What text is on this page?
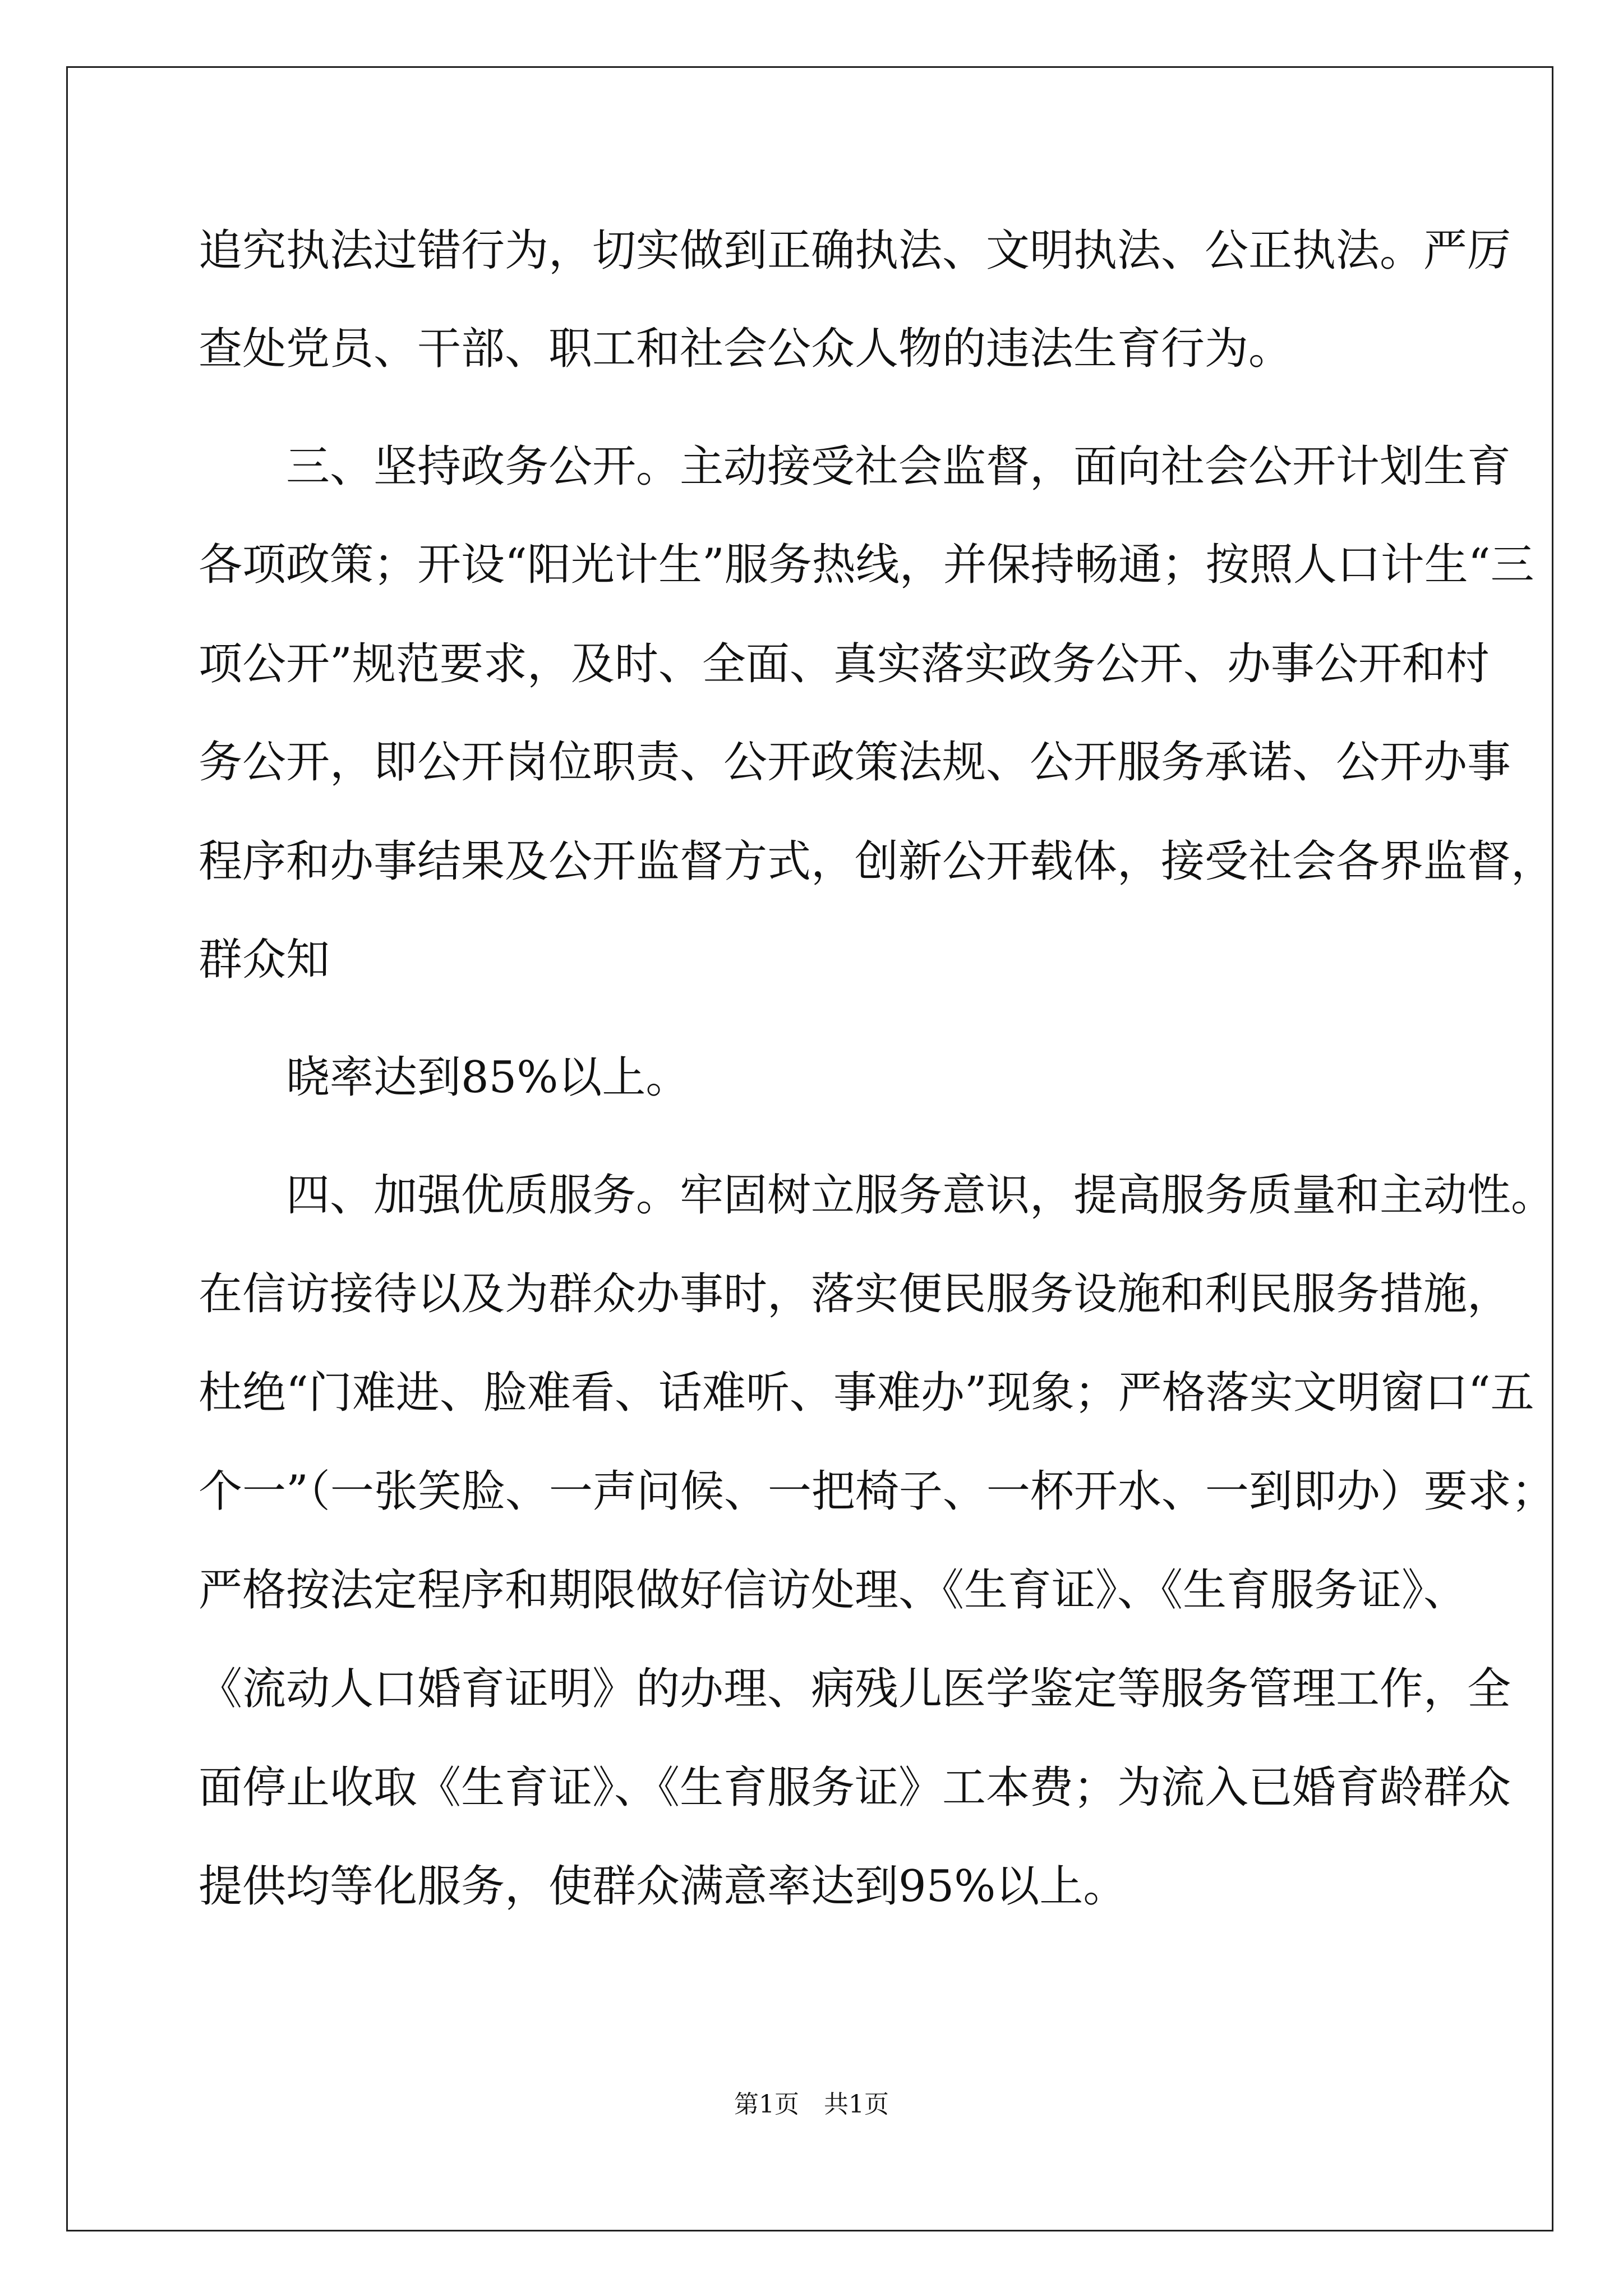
追究执法过错行为，切实做到正确执法、文明执法、公正执法。严厉
查处党员、干部、职工和社会公众人物的违法生育行为。
三、坚持政务公开。主动接受社会监督，面向社会公开计划生育
各项政策；开设“阳光计生”服务热线，并保持畅通；按照人口计生“三
项公开”规范要求，及时、全面、真实落实政务公开、办事公开和村
务公开，即公开岗位职责、公开政策法规、公开服务承诺、公开办事
程序和办事结果及公开监督方式，创新公开载体，接受社会各界监督，
群众知
晓率达到85%以上。
四、加强优质服务。牢固树立服务意识，提高服务质量和主动性。
在信访接待以及为群众办事时，落实便民服务设施和利民服务措施，
杜绝“门难进、脸难看、话难听、事难办”现象；严格落实文明窗口“五
个一”（一张笑脸、一声问候、一把椅子、一杯开水、一到即办）要求；
严格按法定程序和期限做好信访处理、《生育证》、《生育服务证》、
《流动人口婚育证明》的办理、病残儿医学鉴定等服务管理工作，全
面停止收取《生育证》、《生育服务证》工本费；为流入已婚育龄群众
提供均等化服务，使群众满意率达到95%以上。
第1页　共1页
